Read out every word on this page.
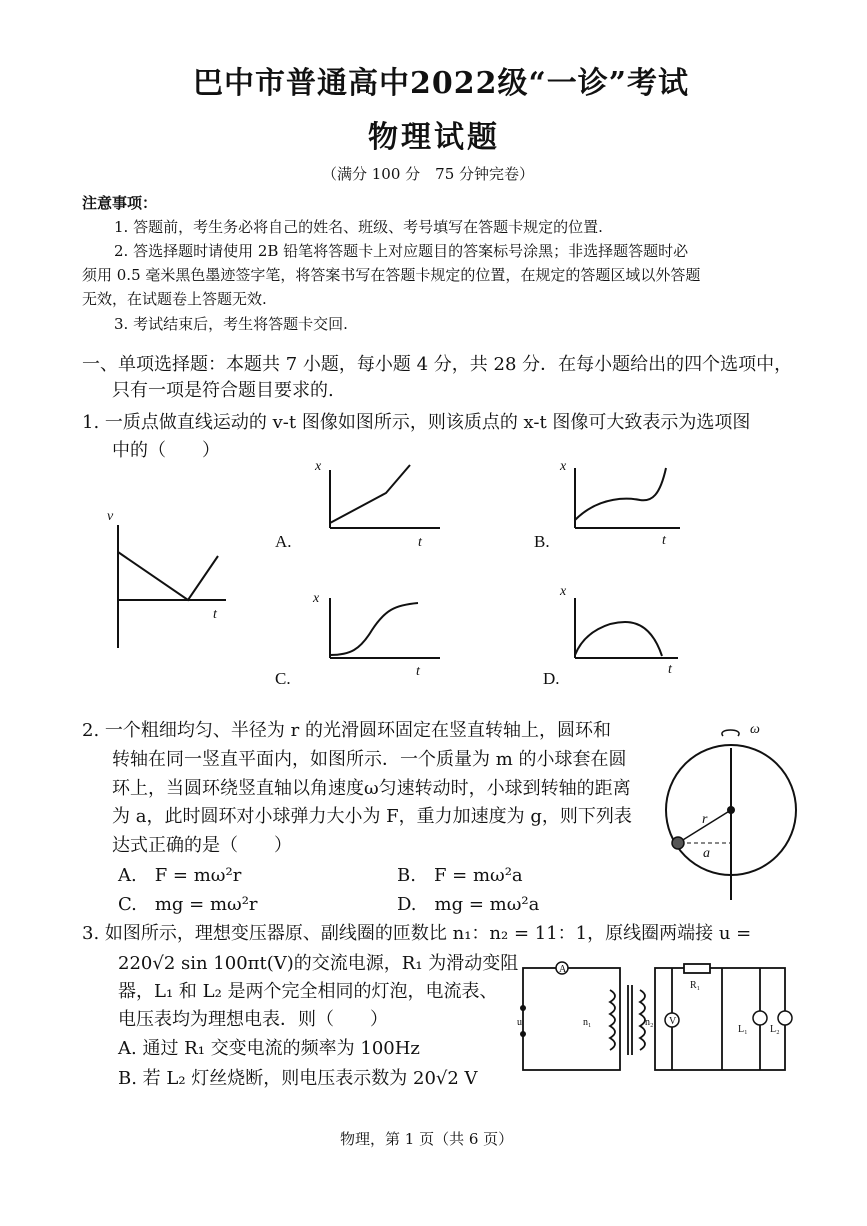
巴中市普通高中2022级“一诊”考试
物理试题
（满分 100 分　75 分钟完卷）
注意事项：
1. 答题前，考生务必将自己的姓名、班级、考号填写在答题卡规定的位置.
2. 答选择题时请使用 2B 铅笔将答题卡上对应题目的答案标号涂黑；非选择题答题时必
须用 0.5 毫米黑色墨迹签字笔，将答案书写在答题卡规定的位置，在规定的答题区域以外答题
无效，在试题卷上答题无效.
3. 考试结束后，考生将答题卡交回.
一、单项选择题：本题共 7 小题，每小题 4 分，共 28 分．在每小题给出的四个选项中，
只有一项是符合题目要求的.
1. 一质点做直线运动的 v-t 图像如图所示，则该质点的 x-t 图像可大致表示为选项图
中的（　　）
v
t
x
t
x
t
x
t
x
t
ω
r
a
A
u	n₁	n₂ V
R₁
L₁ L₂
A.	B.
C.	D.
2. 一个粗细均匀、半径为 r 的光滑圆环固定在竖直转轴上，圆环和
转轴在同一竖直平面内，如图所示．一个质量为 m 的小球套在圆
环上，当圆环绕竖直轴以角速度ω匀速转动时，小球到转轴的距离
为 a，此时圆环对小球弹力大小为 F，重力加速度为 g，则下列表
达式正确的是（　　）
A.　F = mω²r	B.　F = mω²a
C.　mg = mω²r	D.　mg = mω²a
3. 如图所示，理想变压器原、副线圈的匝数比 n₁：n₂ = 11：1，原线圈两端接 u =
220√2 sin 100πt(V)的交流电源，R₁ 为滑动变阻
器，L₁ 和 L₂ 是两个完全相同的灯泡，电流表、
电压表均为理想电表．则（　　）
A. 通过 R₁ 交变电流的频率为 100Hz
B. 若 L₂ 灯丝烧断，则电压表示数为 20√2 V
物理，第 1 页（共 6 页）
